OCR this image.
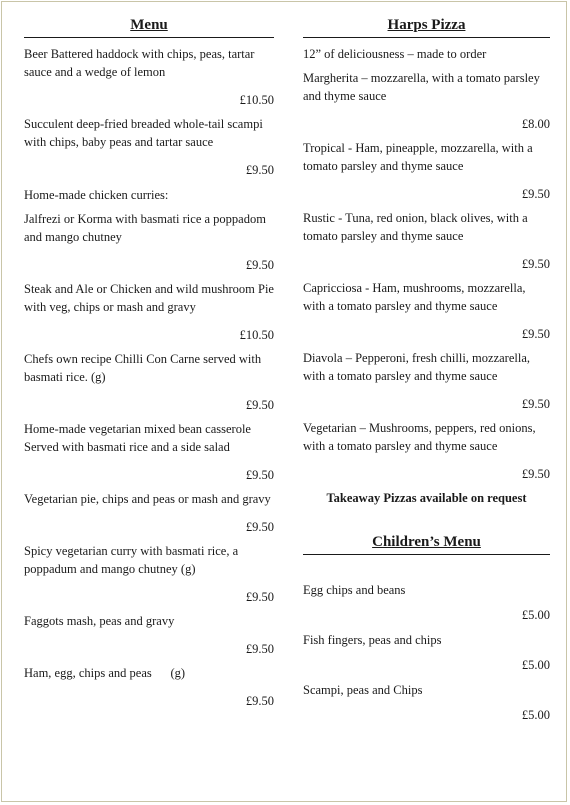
Menu

Beer Battered haddock with chips, peas, tartar sauce and a wedge of lemon

£10.50

Succulent deep-fried breaded whole-tail scampi with chips, baby peas and tartar sauce

£9.50
Home-made chicken curries:

Jalfrezi or Korma with basmati rice a poppadom and mango chutney

£9.50

Steak and Ale or Chicken and wild mushroom Pie with veg, chips or mash and gravy

£10.50

Chefs own recipe Chilli Con Carne served with basmati rice. (g)

£9.50

Home-made vegetarian mixed bean casserole Served with basmati rice and a side salad

£9.50

Vegetarian pie, chips and peas or mash and gravy

£9.50

Spicy vegetarian curry with basmati rice, a poppadum and mango chutney (g)

£9.50

Faggots mash, peas and gravy

£9.50

Ham, egg, chips and peas      (g)

£9.50
Harps Pizza
12” of deliciousness – made to order

Margherita – mozzarella, with a tomato parsley and thyme sauce

£8.00

Tropical - Ham, pineapple, mozzarella, with a tomato parsley and thyme sauce

£9.50

Rustic - Tuna, red onion, black olives, with a tomato parsley and thyme sauce

£9.50

Capricciosa - Ham, mushrooms, mozzarella, with a tomato parsley and thyme sauce

£9.50

Diavola – Pepperoni, fresh chilli, mozzarella, with a tomato parsley and thyme sauce

£9.50

Vegetarian – Mushrooms, peppers, red onions, with a tomato parsley and thyme sauce

£9.50
Takeaway Pizzas available on request
Children’s Menu

Egg chips and beans

£5.00

Fish fingers, peas and chips

£5.00

Scampi, peas and Chips

£5.00
